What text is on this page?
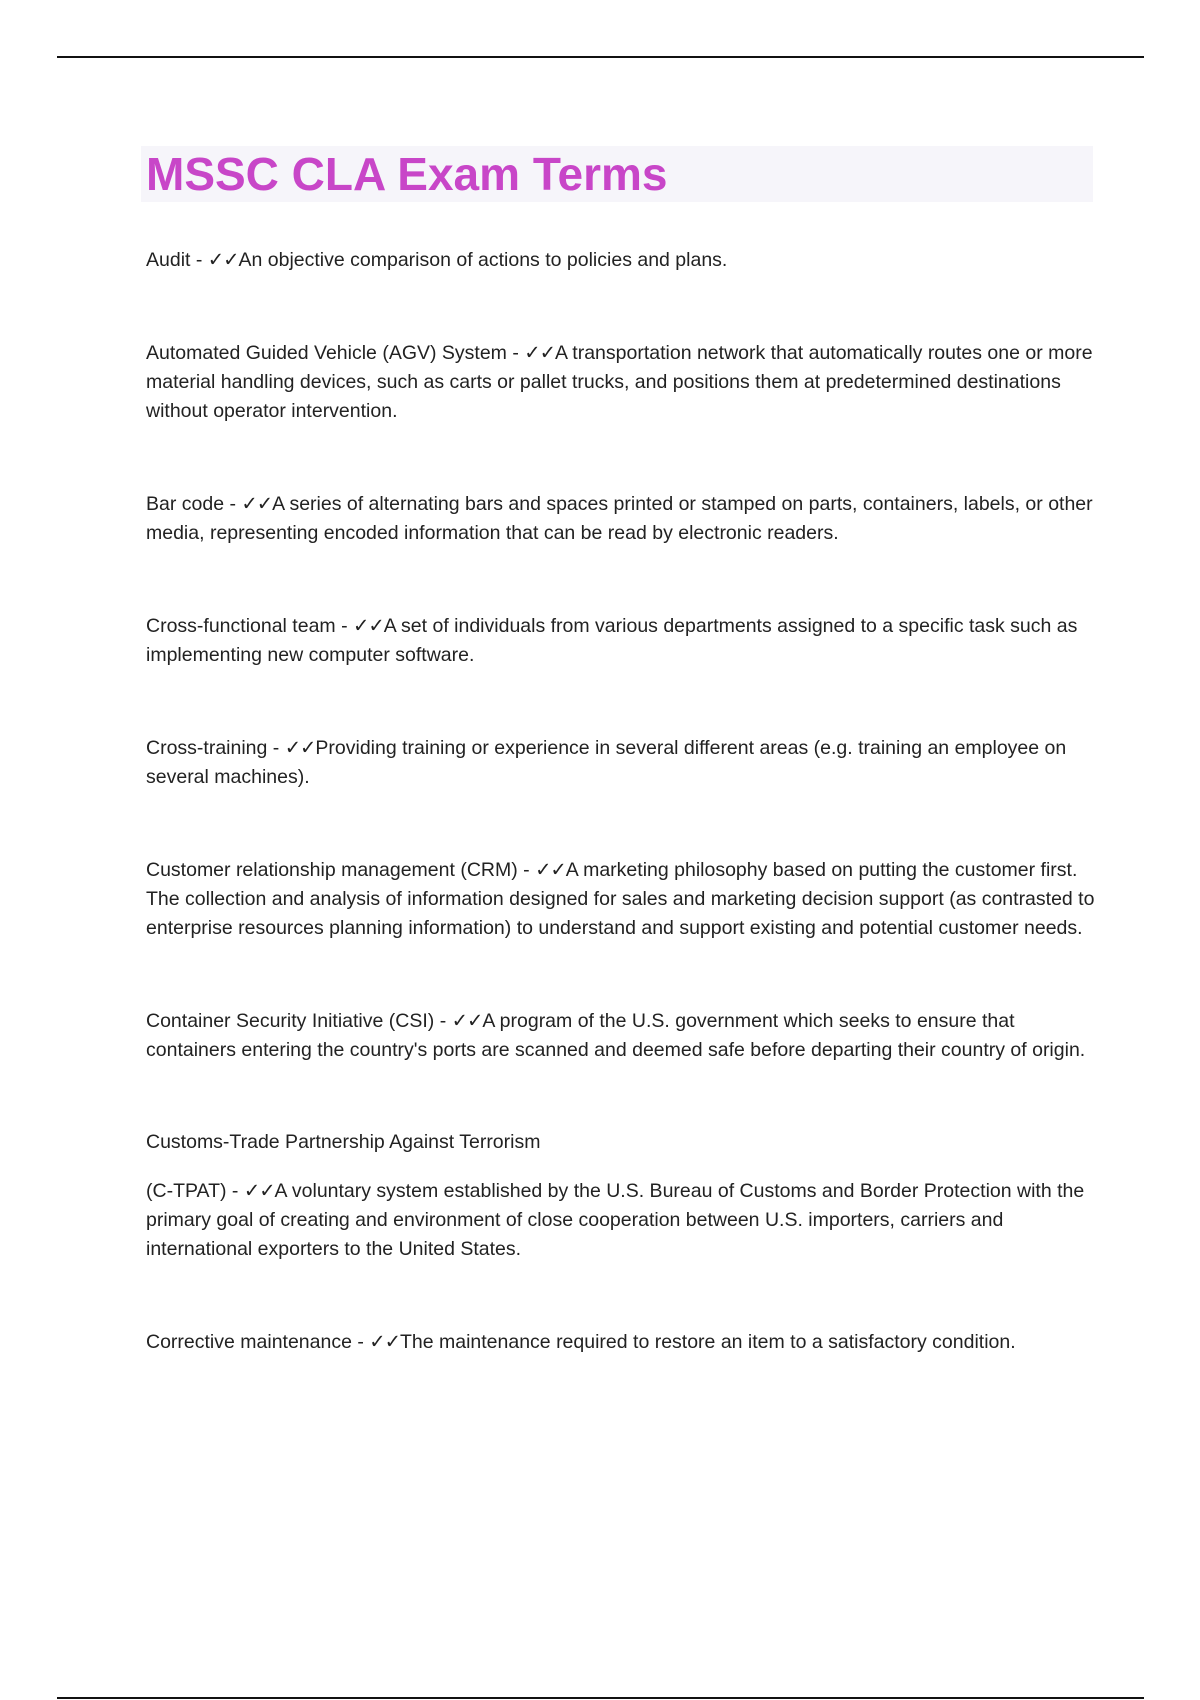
MSSC CLA Exam Terms

Audit - ✓✓An objective comparison of actions to policies and plans.

Automated Guided Vehicle (AGV) System - ✓✓A transportation network that automatically routes one or more material handling devices, such as carts or pallet trucks, and positions them at predetermined destinations without operator intervention.

Bar code - ✓✓A series of alternating bars and spaces printed or stamped on parts, containers, labels, or other media, representing encoded information that can be read by electronic readers.

Cross-functional team - ✓✓A set of individuals from various departments assigned to a specific task such as implementing new computer software.

Cross-training - ✓✓Providing training or experience in several different areas (e.g. training an employee on several machines).

Customer relationship management (CRM) - ✓✓A marketing philosophy based on putting the customer first. The collection and analysis of information designed for sales and marketing decision support (as contrasted to enterprise resources planning information) to understand and support existing and potential customer needs.

Container Security Initiative (CSI) - ✓✓A program of the U.S. government which seeks to ensure that containers entering the country's ports are scanned and deemed safe before departing their country of origin.

Customs-Trade Partnership Against Terrorism

(C-TPAT) - ✓✓A voluntary system established by the U.S. Bureau of Customs and Border Protection with the primary goal of creating and environment of close cooperation between U.S. importers, carriers and international exporters to the United States.

Corrective maintenance - ✓✓The maintenance required to restore an item to a satisfactory condition.
